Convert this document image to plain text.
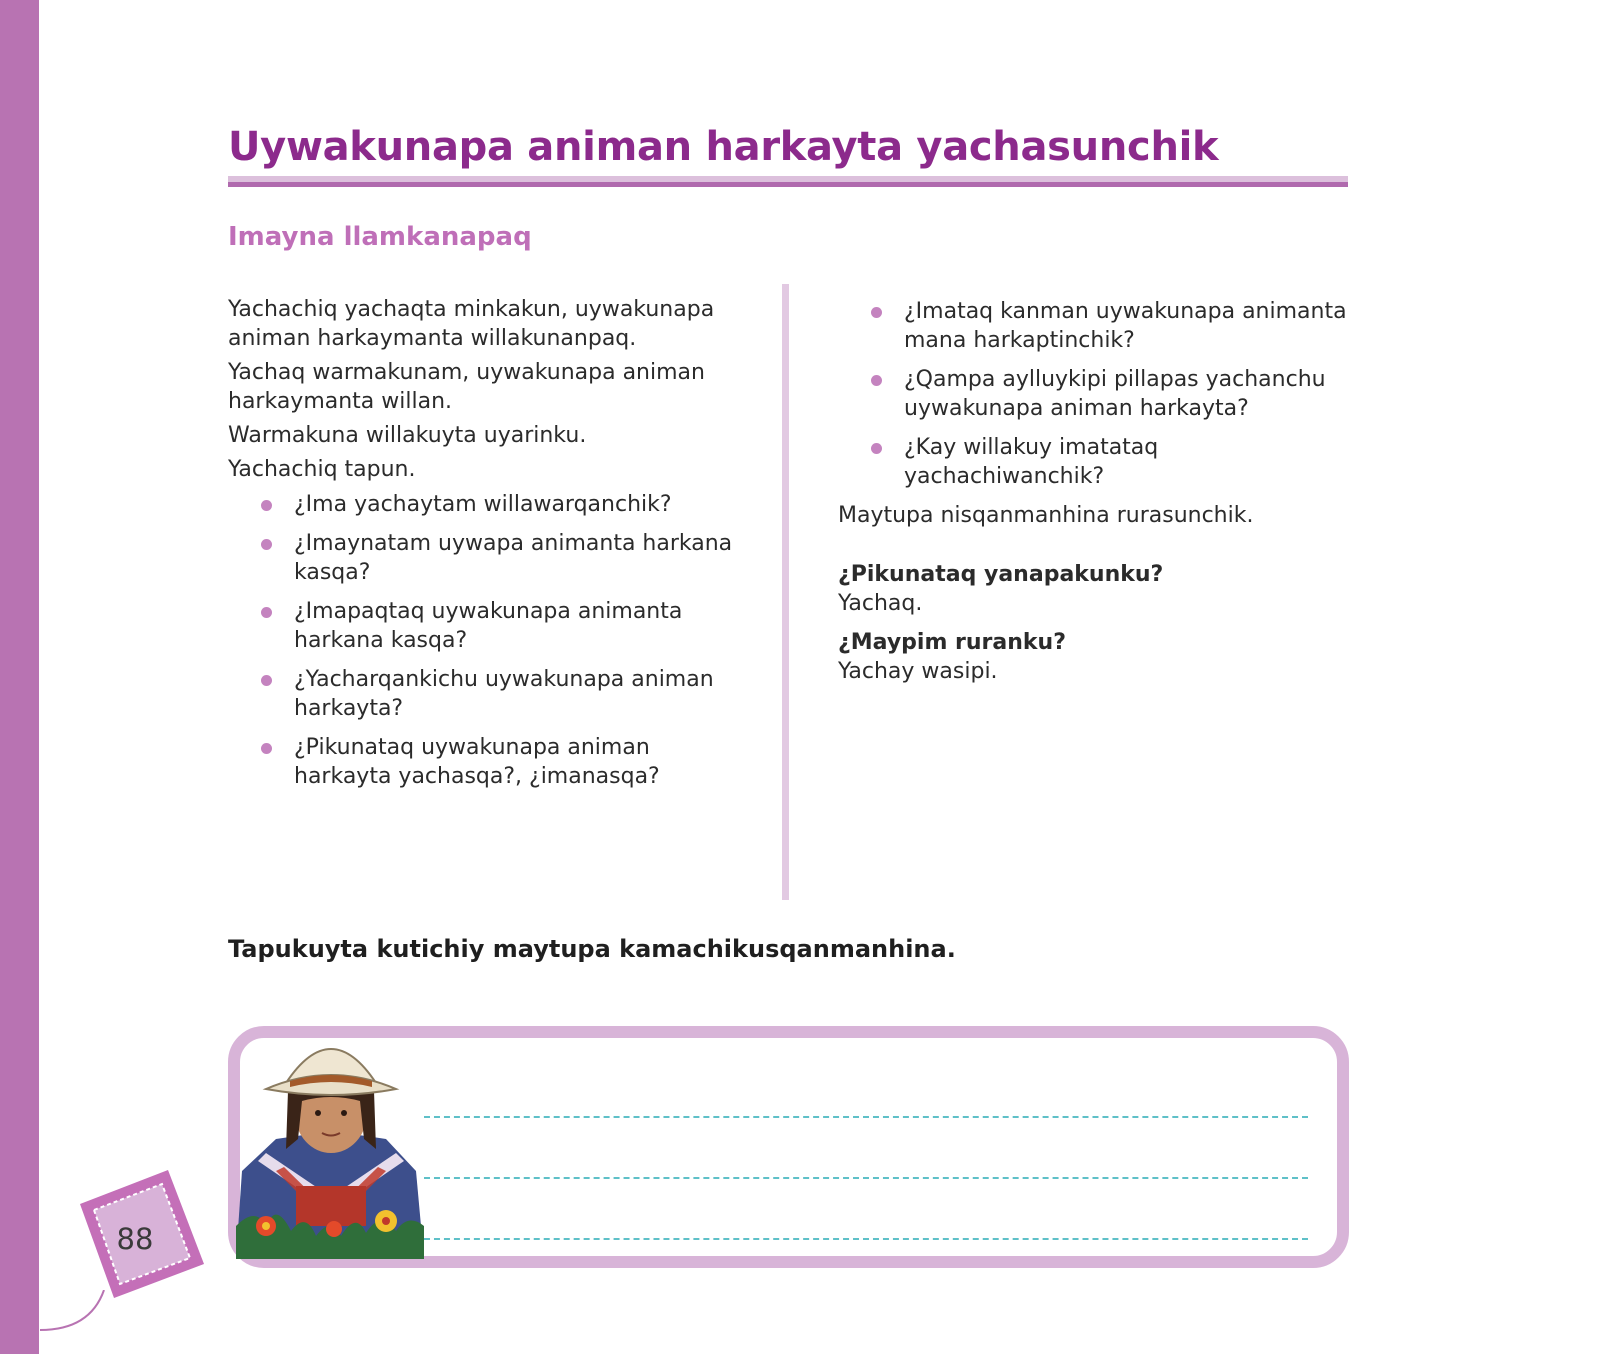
Uywakunapa animan harkayta yachasunchik
Imayna llamkanapaq

Yachachiq yachaqta minkakun, uywakunapa animan harkaymanta willakunanpaq.

Yachaq warmakunam, uywakunapa animan harkaymanta willan.

Warmakuna willakuyta uyarinku.

Yachachiq tapun.

¿Ima yachaytam willawarqanchik?
¿Imaynatam uywapa animanta harkana kasqa?
¿Imapaqtaq uywakunapa animanta harkana kasqa?
¿Yacharqankichu uywakunapa animan harkayta?
¿Pikunataq uywakunapa animan harkayta yachasqa?, ¿imanasqa?
¿Imataq kanman uywakunapa animanta mana harkaptinchik?
¿Qampa aylluykipi pillapas yachanchu uywakunapa animan harkayta?
¿Kay willakuy imatataq yachachiwanchik?

Maytupa nisqanmanhina rurasunchik.

¿Pikunataq yanapakunku?

Yachaq.

¿Maypim ruranku?

Yachay wasipi.

Tapukuyta kutichiy maytupa kamachikusqanmanhina.

88
